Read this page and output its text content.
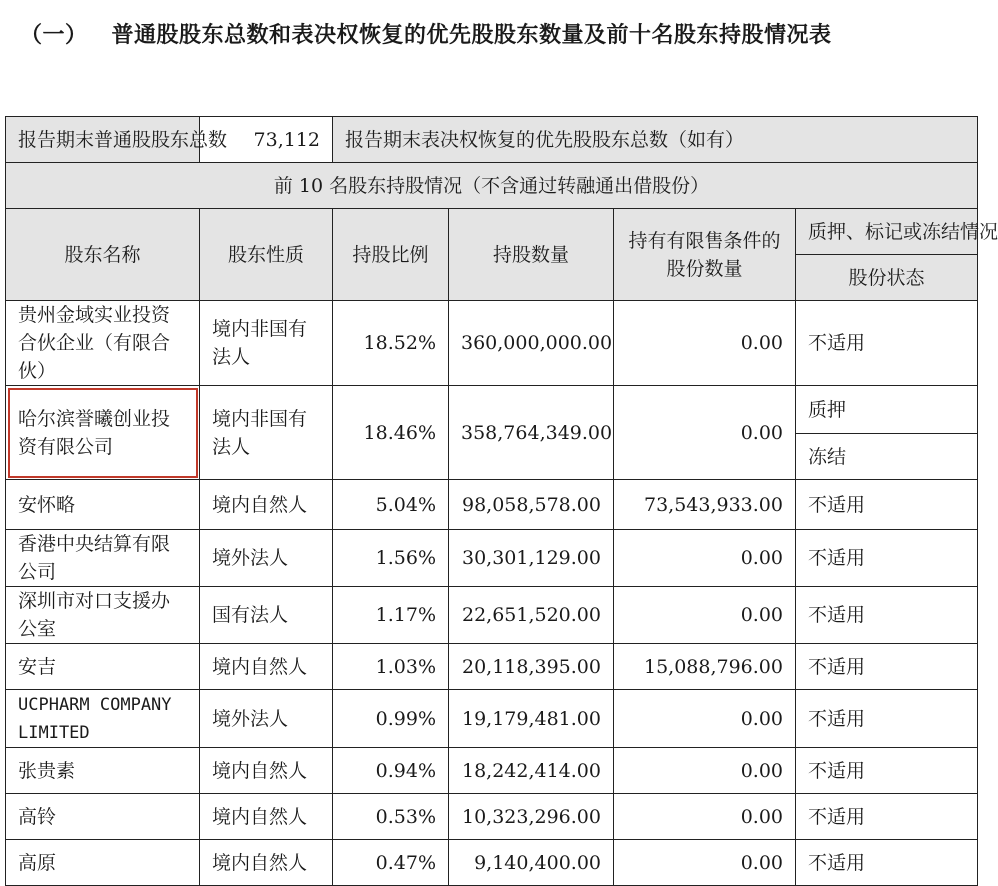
（一） 普通股股东总数和表决权恢复的优先股股东数量及前十名股东持股情况表
报告期末普通股股东总数	73,112	报告期末表决权恢复的优先股股东总数（如有）			
前 10 名股东持股情况（不含通过转融通出借股份）					
股东名称	股东性质	持股比例	持股数量	持有有限售条件的股份数量	质押、标记或冻结情况
					股份状态
贵州金域实业投资合伙企业（有限合伙）	境内非国有法人	18.52%	360,000,000.00	0.00	不适用
哈尔滨誉曦创业投资有限公司	境内非国有法人	18.46%	358,764,349.00	0.00	质押
					冻结
安怀略	境内自然人	5.04%	98,058,578.00	73,543,933.00	不适用
香港中央结算有限公司	境外法人	1.56%	30,301,129.00	0.00	不适用
深圳市对口支援办公室	国有法人	1.17%	22,651,520.00	0.00	不适用
安吉	境内自然人	1.03%	20,118,395.00	15,088,796.00	不适用
UCPHARM COMPANY LIMITED	境外法人	0.99%	19,179,481.00	0.00	不适用
张贵素	境内自然人	0.94%	18,242,414.00	0.00	不适用
高铃	境内自然人	0.53%	10,323,296.00	0.00	不适用
高原	境内自然人	0.47%	9,140,400.00	0.00	不适用
